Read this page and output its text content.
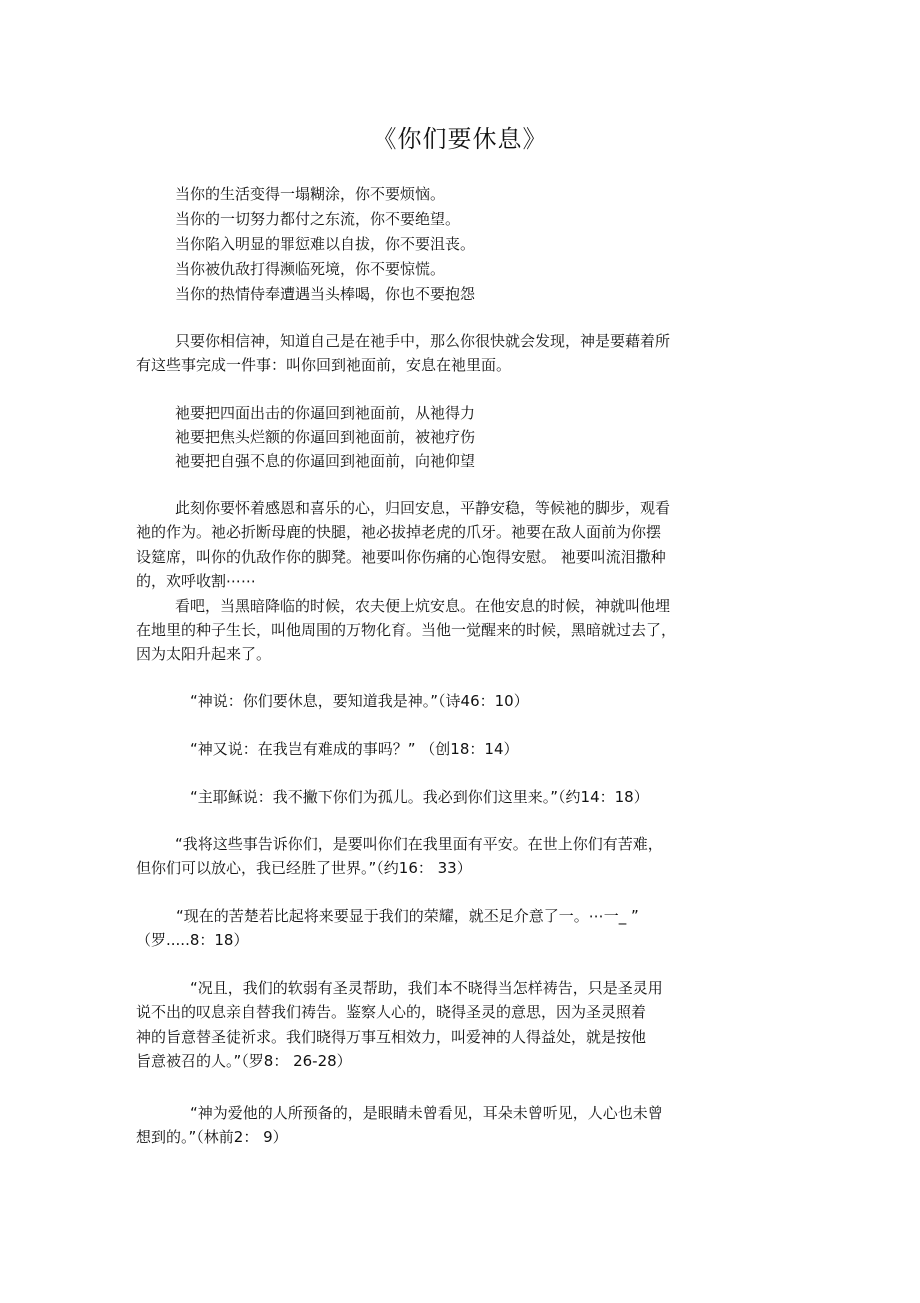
《你们要休息》
当你的生活变得一塌糊涂，你不要烦恼。
当你的一切努力都付之东流，你不要绝望。
当你陷入明显的罪愆难以自拔，你不要沮丧。
当你被仇敌打得濒临死境，你不要惊慌。
当你的热情侍奉遭遇当头棒喝，你也不要抱怨
只要你相信神，知道自己是在祂手中，那么你很快就会发现，神是要藉着所
有这些事完成一件事：叫你回到祂面前，安息在祂里面。
祂要把四面出击的你逼回到祂面前，从祂得力
祂要把焦头烂额的你逼回到祂面前，被祂疗伤
祂要把自强不息的你逼回到祂面前，向祂仰望
此刻你要怀着感恩和喜乐的心，归回安息，平静安稳，等候祂的脚步，观看
祂的作为。祂必折断母鹿的快腿，祂必拔掉老虎的爪牙。祂要在敌人面前为你摆
设筵席，叫你的仇敌作你的脚凳。祂要叫你伤痛的心饱得安慰。 祂要叫流泪撒种
的，欢呼收割⋯⋯
看吧，当黑暗降临的时候，农夫便上炕安息。在他安息的时候，神就叫他埋
在地里的种子生长，叫他周围的万物化育。当他一觉醒来的时候，黑暗就过去了，
因为太阳升起来了。
“神说：你们要休息，要知道我是神。”（诗46：10）
“神又说：在我岂有难成的事吗？” （创18：14）
“主耶稣说：我不撇下你们为孤儿。我必到你们这里来。”（约14：18）
“我将这些事告诉你们，是要叫你们在我里面有平安。在世上你们有苦难，
但你们可以放心，我已经胜了世界。”（约16： 33）
“现在的苦楚若比起将来要显于我们的荣耀，就丕足介意了一。⋯一_ ”
（罗.....8：18）
“况且，我们的软弱有圣灵帮助，我们本不晓得当怎样祷告，只是圣灵用
说不出的叹息亲自替我们祷告。鉴察人心的，晓得圣灵的意思，因为圣灵照着
神的旨意替圣徒祈求。我们晓得万事互相效力，叫爱神的人得益处，就是按他
旨意被召的人。”（罗8： 26-28）
“神为爱他的人所预备的，是眼睛未曾看见，耳朵未曾听见，人心也未曾
想到的。”（林前2： 9）
